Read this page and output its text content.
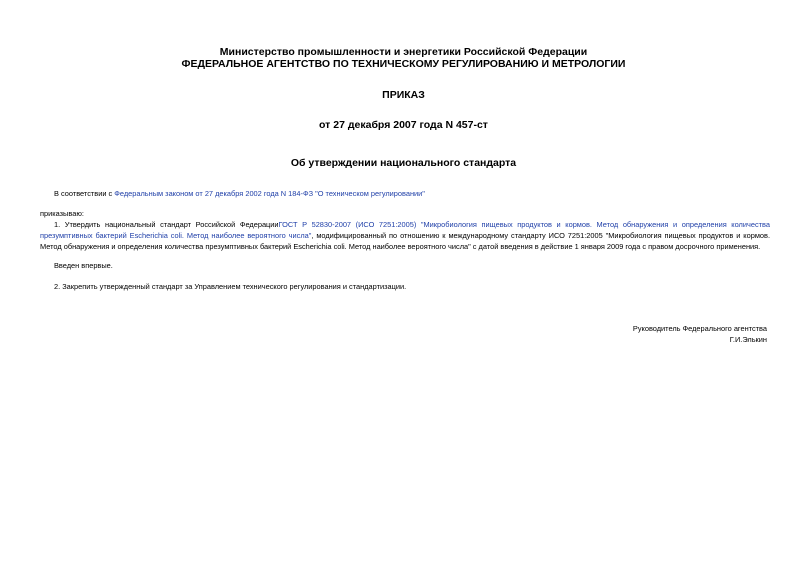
Министерство промышленности и энергетики Российской Федерации
ФЕДЕРАЛЬНОЕ АГЕНТСТВО ПО ТЕХНИЧЕСКОМУ РЕГУЛИРОВАНИЮ И МЕТРОЛОГИИ
ПРИКАЗ
от 27 декабря 2007 года N 457-ст
Об утверждении национального стандарта
В соответствии с Федеральным законом от 27 декабря 2002 года N 184-ФЗ "О техническом регулировании"
приказываю:
1. Утвердить национальный стандарт Российской ФедерацииГОСТ Р 52830-2007 (ИСО 7251:2005) "Микробиология пищевых продуктов и кормов. Метод обнаружения и определения количества презумптивных бактерий Escherichia coli. Метод наиболее вероятного числа", модифицированный по отношению к международному стандарту ИСО 7251:2005 "Микробиология пищевых продуктов и кормов. Метод обнаружения и определения количества презумптивных бактерий Escherichia coli. Метод наиболее вероятного числа" с датой введения в действие 1 января 2009 года с правом досрочного применения.
Введен впервые.
2. Закрепить утвержденный стандарт за Управлением технического регулирования и стандартизации.
Руководитель Федерального агентства
Г.И.Элькин
